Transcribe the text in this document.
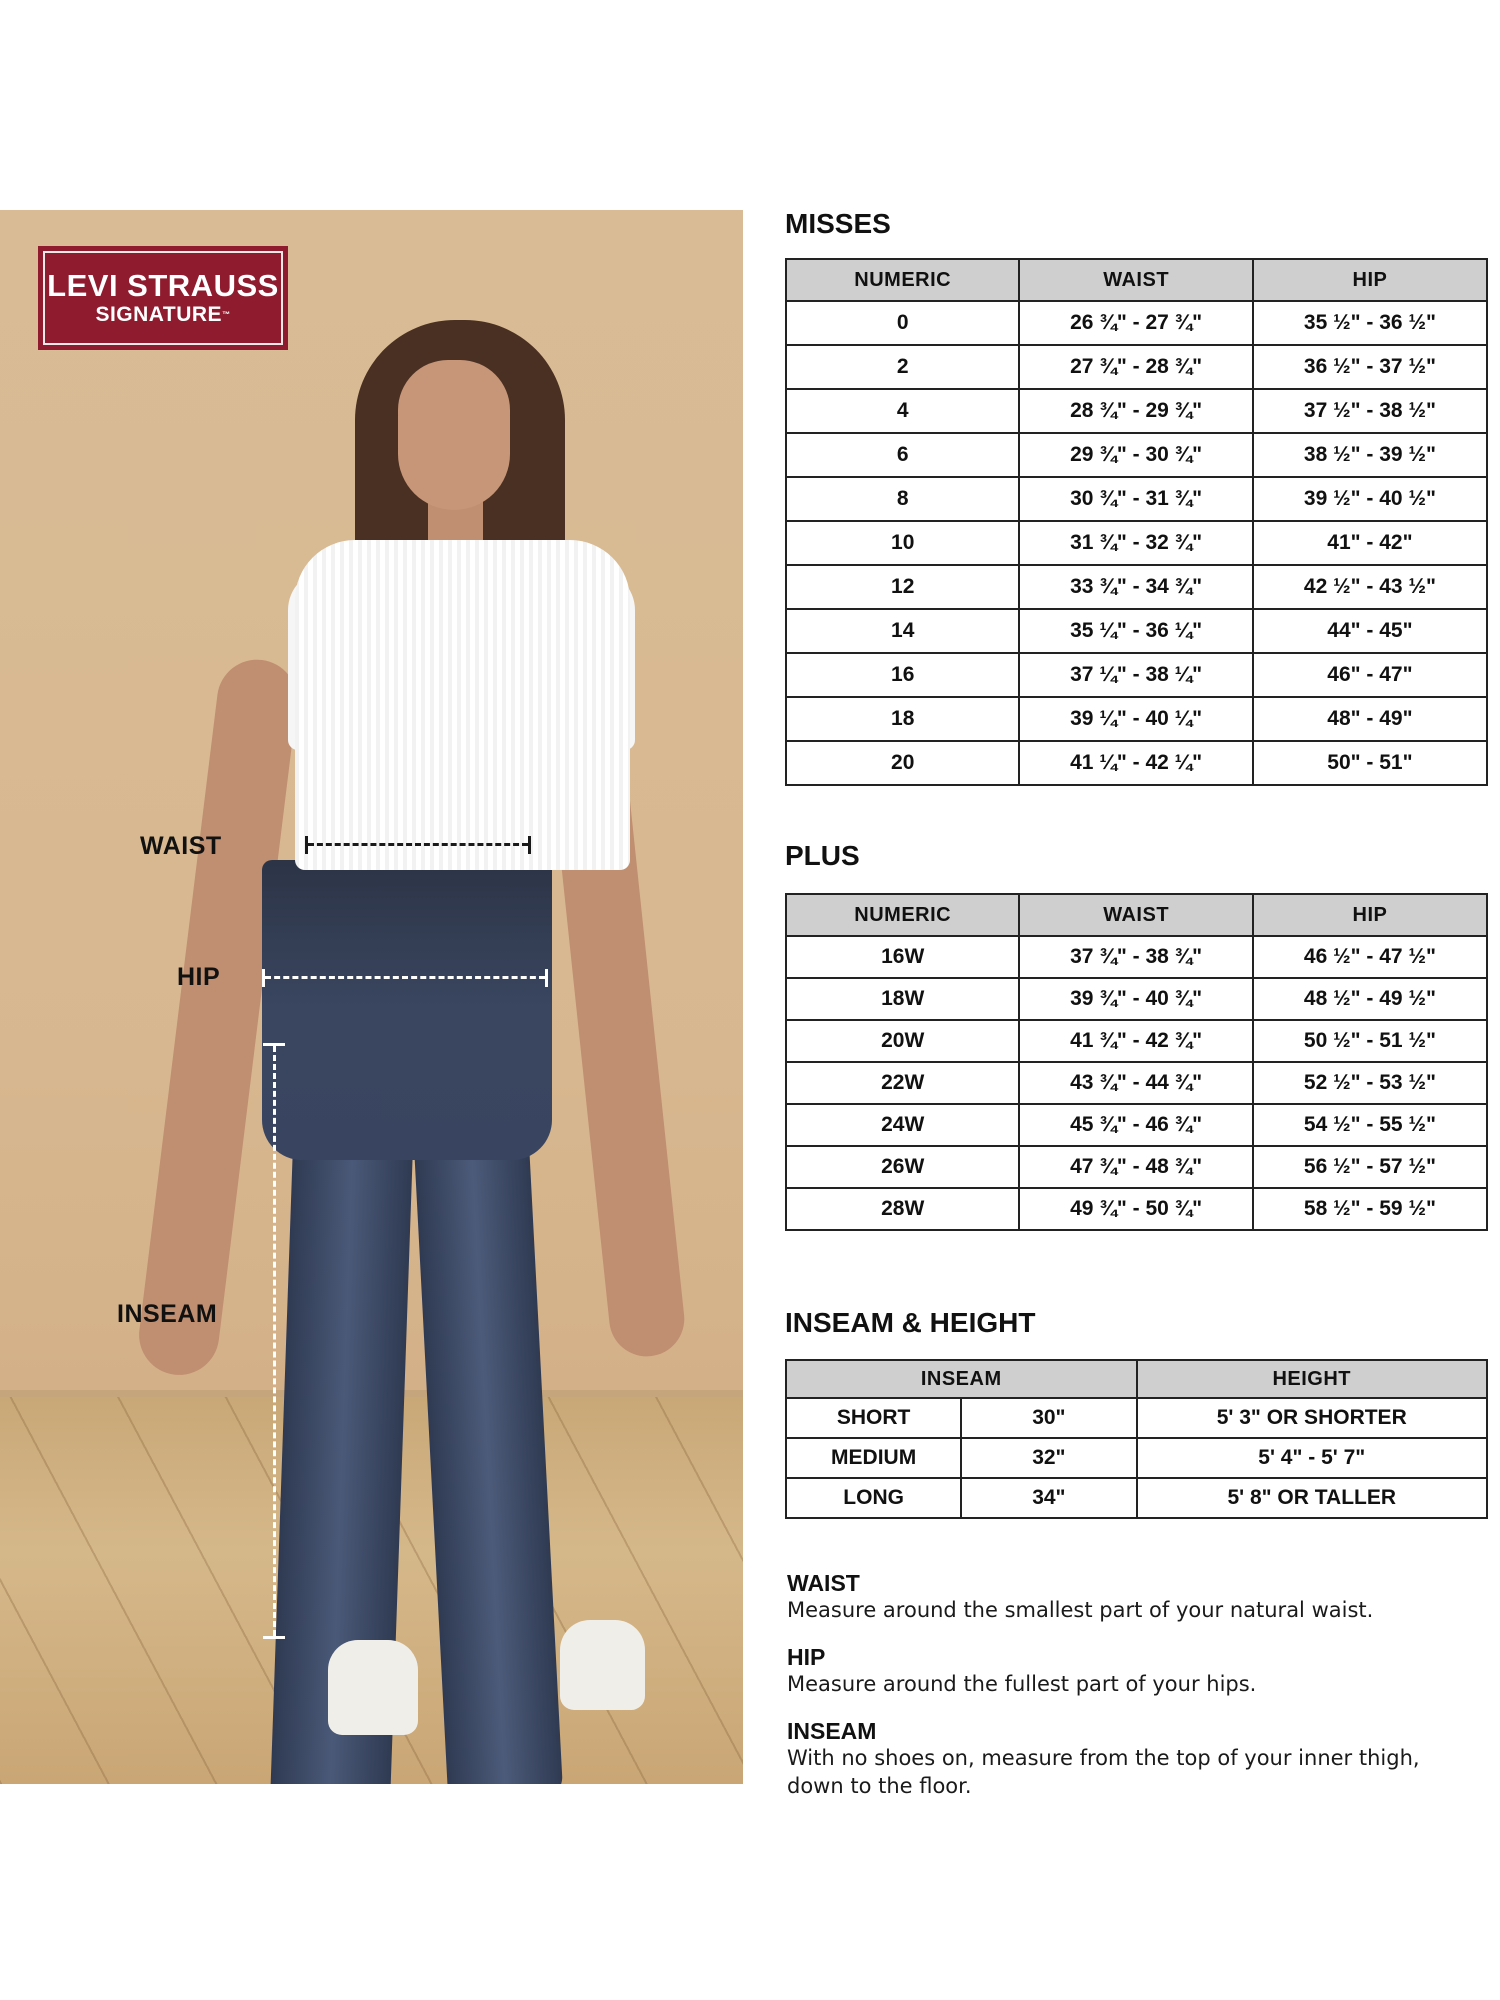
LEVI STRAUSS
SIGNATURE™
WAIST
HIP
INSEAM
MISSES
NUMERIC	WAIST	HIP
0	26 ¾" - 27 ¾"	35 ½" - 36 ½"
2	27 ¾" - 28 ¾"	36 ½" - 37 ½"
4	28 ¾" - 29 ¾"	37 ½" - 38 ½"
6	29 ¾" - 30 ¾"	38 ½" - 39 ½"
8	30 ¾" - 31 ¾"	39 ½" - 40 ½"
10	31 ¾" - 32 ¾"	41" - 42"
12	33 ¾" - 34 ¾"	42 ½" - 43 ½"
14	35 ¼" - 36 ¼"	44" - 45"
16	37 ¼" - 38 ¼"	46" - 47"
18	39 ¼" - 40 ¼"	48" - 49"
20	41 ¼" - 42 ¼"	50" - 51"
PLUS
NUMERIC	WAIST	HIP
16W	37 ¾" - 38 ¾"	46 ½" - 47 ½"
18W	39 ¾" - 40 ¾"	48 ½" - 49 ½"
20W	41 ¾" - 42 ¾"	50 ½" - 51 ½"
22W	43 ¾" - 44 ¾"	52 ½" - 53 ½"
24W	45 ¾" - 46 ¾"	54 ½" - 55 ½"
26W	47 ¾" - 48 ¾"	56 ½" - 57 ½"
28W	49 ¾" - 50 ¾"	58 ½" - 59 ½"
INSEAM & HEIGHT
INSEAM		HEIGHT
SHORT	30"	5' 3" OR SHORTER
MEDIUM	32"	5' 4" - 5' 7"
LONG	34"	5' 8" OR TALLER
WAIST
Measure around the smallest part of your natural waist.
HIP
Measure around the fullest part of your hips.
INSEAM
With no shoes on, measure from the top of your inner thigh, down to the floor.
